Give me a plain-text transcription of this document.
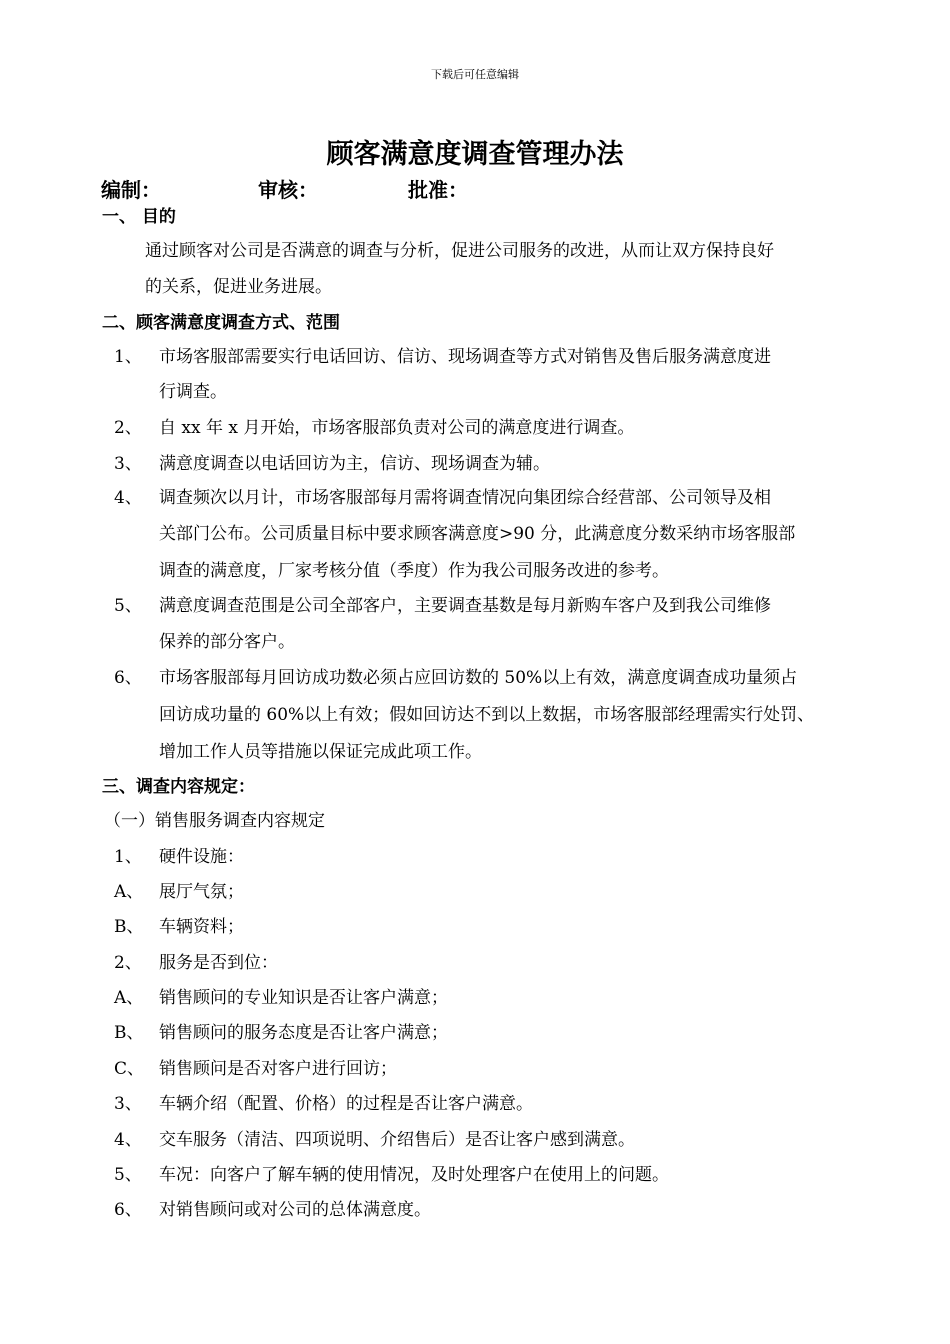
下载后可任意编辑
顾客满意度调查管理办法
编制：	审核：	批准：
一、 目的
通过顾客对公司是否满意的调查与分析，促进公司服务的改进，从而让双方保持良好
的关系，促进业务进展。
二、顾客满意度调查方式、范围
1、 市场客服部需要实行电话回访、信访、现场调查等方式对销售及售后服务满意度进
行调查。
2、 自 xx 年 x 月开始，市场客服部负责对公司的满意度进行调查。
3、 满意度调查以电话回访为主，信访、现场调查为辅。
4、 调查频次以月计，市场客服部每月需将调查情况向集团综合经营部、公司领导及相
关部门公布。公司质量目标中要求顾客满意度>90 分，此满意度分数采纳市场客服部
调查的满意度，厂家考核分值（季度）作为我公司服务改进的参考。
5、 满意度调查范围是公司全部客户，主要调查基数是每月新购车客户及到我公司维修
保养的部分客户。
6、 市场客服部每月回访成功数必须占应回访数的 50%以上有效，满意度调查成功量须占
回访成功量的 60%以上有效；假如回访达不到以上数据，市场客服部经理需实行处罚、
增加工作人员等措施以保证完成此项工作。
三、调查内容规定：
（一）销售服务调查内容规定
1、 硬件设施：
A、 展厅气氛；
B、 车辆资料；
2、 服务是否到位：
A、 销售顾问的专业知识是否让客户满意；
B、 销售顾问的服务态度是否让客户满意；
C、 销售顾问是否对客户进行回访；
3、 车辆介绍（配置、价格）的过程是否让客户满意。
4、 交车服务（清洁、四项说明、介绍售后）是否让客户感到满意。
5、 车况：向客户了解车辆的使用情况，及时处理客户在使用上的问题。
6、 对销售顾问或对公司的总体满意度。
